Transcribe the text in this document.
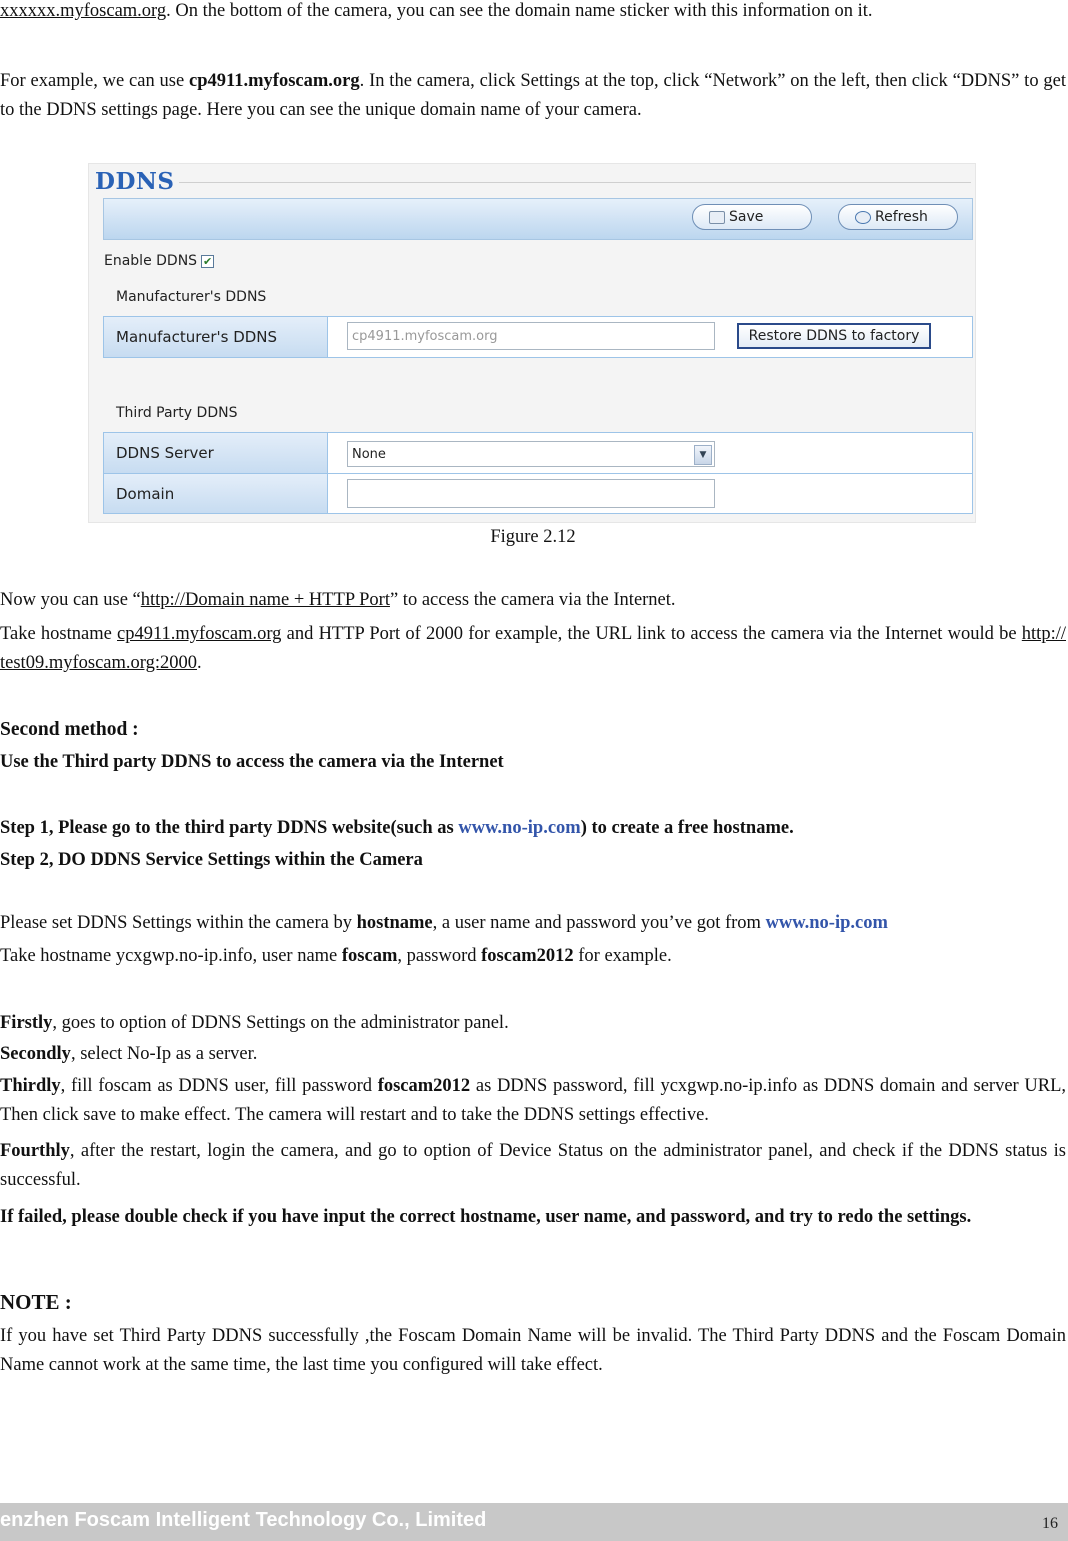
xxxxxx.myfoscam.org. On the bottom of the camera, you can see the domain name sticker with this information on it.

For example, we can use cp4911.myfoscam.org. In the camera, click Settings at the top, click “Network” on the left, then click “DDNS” to get to the DDNS settings page. Here you can see the unique domain name of your camera.

DDNS
Save	Refresh
Enable DDNS ✔
Manufacturer's DDNS
Manufacturer's DDNS	cp4911.myfoscam.org	Restore DDNS to factory
Third Party DDNS
DDNS Server	None	▼
Domain
Figure 2.12

Now you can use “http://Domain name + HTTP Port” to access the camera via the Internet.

Take hostname cp4911.myfoscam.org and HTTP Port of 2000 for example, the URL link to access the camera via the Internet would be http:// test09.myfoscam.org:2000.

Second method :

Use the Third party DDNS to access the camera via the Internet

Step 1, Please go to the third party DDNS website(such as www.no-ip.com) to create a free hostname.

Step 2, DO DDNS Service Settings within the Camera

Please set DDNS Settings within the camera by hostname, a user name and password you’ve got from www.no-ip.com

Take hostname ycxgwp.no-ip.info, user name foscam, password foscam2012 for example.

Firstly, goes to option of DDNS Settings on the administrator panel.

Secondly, select No-Ip as a server.

Thirdly, fill foscam as DDNS user, fill password foscam2012 as DDNS password, fill ycxgwp.no-ip.info as DDNS domain and server URL, Then click save to make effect. The camera will restart and to take the DDNS settings effective.

Fourthly, after the restart, login the camera, and go to option of Device Status on the administrator panel, and check if the DDNS status is successful.

If failed, please double check if you have input the correct hostname, user name, and password, and try to redo the settings.

NOTE :

If you have set Third Party DDNS successfully ,the Foscam Domain Name will be invalid. The Third Party DDNS and the Foscam Domain Name cannot work at the same time, the last time you configured will take effect.

enzhen Foscam Intelligent Technology Co., Limited	16
